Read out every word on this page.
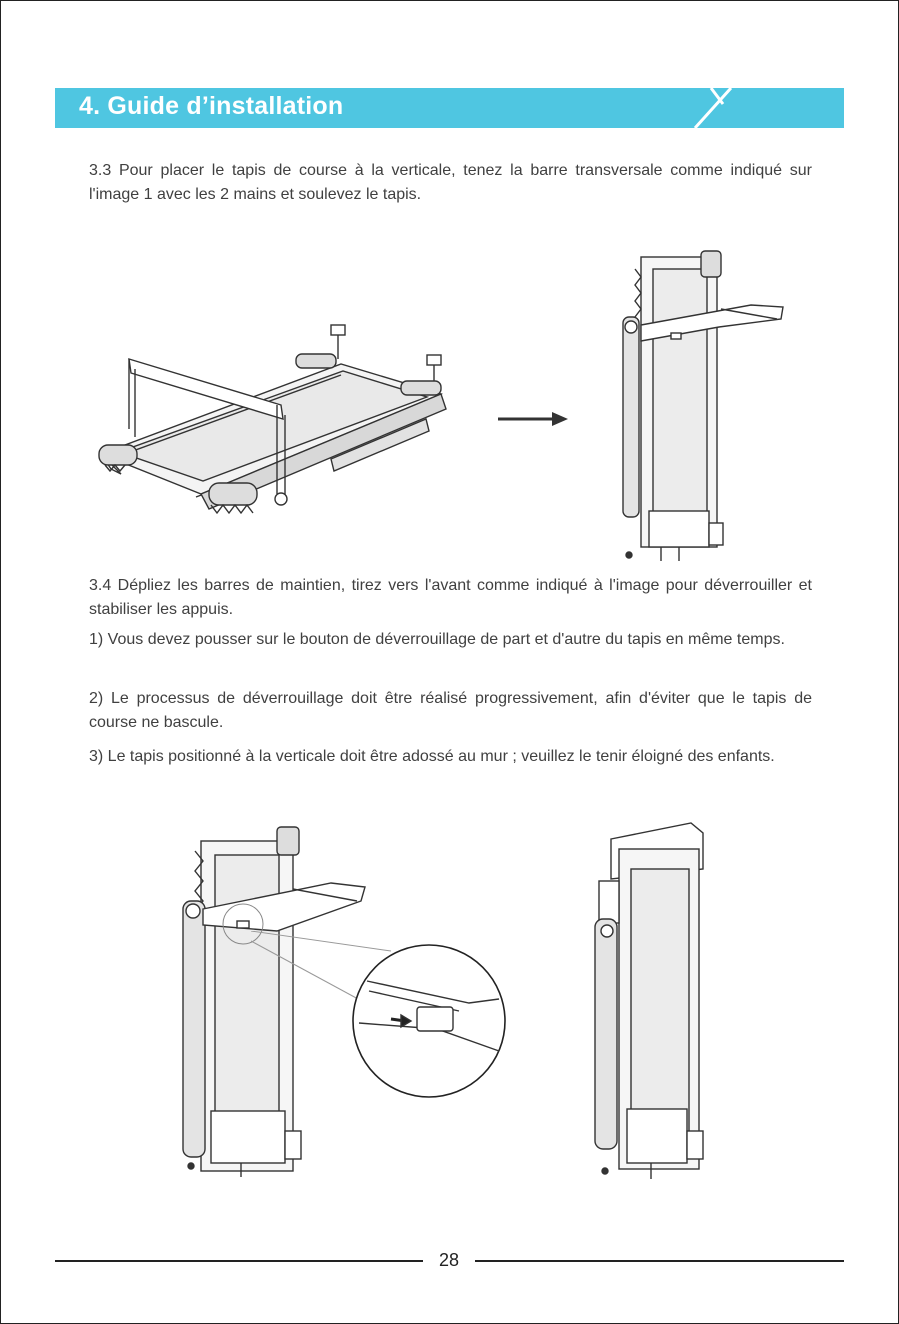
4. Guide d’installation
3.3 Pour placer le tapis de course à la verticale, tenez la barre transversale comme indiqué sur l'image 1 avec les 2 mains et soulevez le tapis.
3.4 Dépliez les barres de maintien, tirez vers l'avant comme indiqué à l'image pour déverrouiller et stabiliser les appuis.
1) Vous devez pousser sur le bouton de déverrouillage de part et d'autre du tapis en même temps.
2) Le processus de déverrouillage doit être réalisé progressivement, afin d'éviter que le tapis de course ne bascule.
3) Le tapis positionné à la verticale doit être adossé au mur ; veuillez le tenir éloigné des enfants.
28
